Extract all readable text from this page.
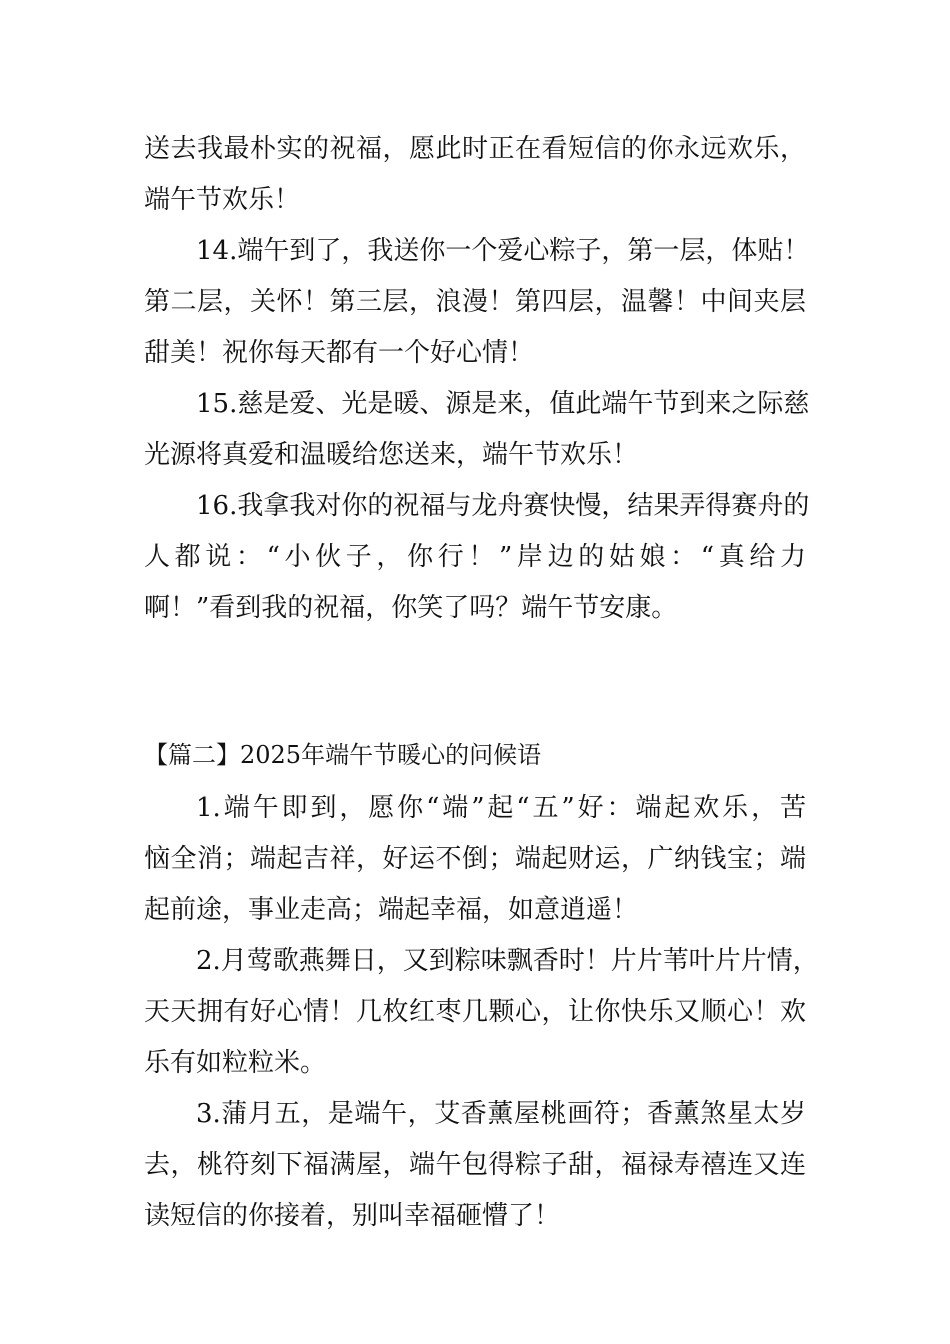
送去我最朴实的祝福，愿此时正在看短信的你永远欢乐，

端午节欢乐！

14.端午到了，我送你一个爱心粽子，第一层，体贴！

第二层，关怀！第三层，浪漫！第四层，温馨！中间夹层

甜美！祝你每天都有一个好心情！

15.慈是爱、光是暖、源是来，值此端午节到来之际慈

光源将真爱和温暖给您送来，端午节欢乐！

16.我拿我对你的祝福与龙舟赛快慢，结果弄得赛舟的

人都说：“小伙子，你行！”岸边的姑娘：“真给力

啊！”看到我的祝福，你笑了吗？端午节安康。

【篇二】2025年端午节暖心的问候语

1.端午即到，愿你“端”起“五”好：端起欢乐，苦

恼全消；端起吉祥，好运不倒；端起财运，广纳钱宝；端

起前途，事业走高；端起幸福，如意逍遥！

2.月莺歌燕舞日，又到粽味飘香时！片片苇叶片片情，

天天拥有好心情！几枚红枣几颗心，让你快乐又顺心！欢

乐有如粒粒米。

3.蒲月五，是端午，艾香薰屋桃画符；香薰煞星太岁

去，桃符刻下福满屋，端午包得粽子甜，福禄寿禧连又连

读短信的你接着，别叫幸福砸懵了！
